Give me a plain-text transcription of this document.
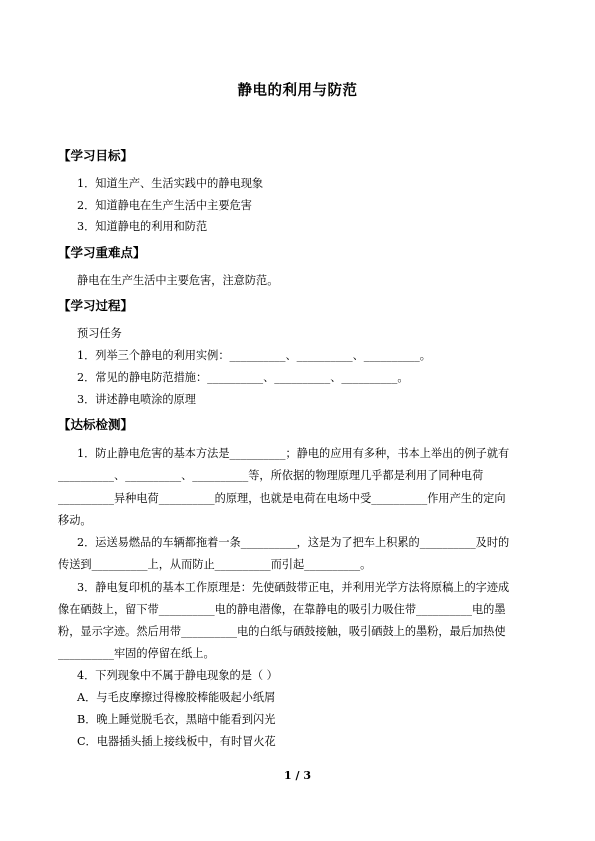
静电的利用与防范
【学习目标】
1．知道生产、生活实践中的静电现象
2．知道静电在生产生活中主要危害
3．知道静电的利用和防范
【学习重难点】
静电在生产生活中主要危害，注意防范。
【学习过程】
预习任务
1．列举三个静电的利用实例：__________、__________、__________。
2．常见的静电防范措施：__________、__________、__________。
3．讲述静电喷涂的原理
【达标检测】
1．防止静电危害的基本方法是__________；静电的应用有多种，书本上举出的例子就有
__________、__________、__________等，所依据的物理原理几乎都是利用了同种电荷
__________异种电荷__________的原理，也就是电荷在电场中受__________作用产生的定向
移动。
2．运送易燃品的车辆都拖着一条__________，这是为了把车上积累的__________及时的
传送到__________上，从而防止__________而引起__________。
3．静电复印机的基本工作原理是：先使硒鼓带正电，并利用光学方法将原稿上的字迹成
像在硒鼓上，留下带__________电的静电潜像，在靠静电的吸引力吸住带__________电的墨
粉，显示字迹。然后用带__________电的白纸与硒鼓接触，吸引硒鼓上的墨粉，最后加热使
__________牢固的停留在纸上。
4．下列现象中不属于静电现象的是（ ）
A．与毛皮摩擦过得橡胶棒能吸起小纸屑
B．晚上睡觉脱毛衣，黑暗中能看到闪光
C．电器插头插上接线板中，有时冒火花
1 / 3
